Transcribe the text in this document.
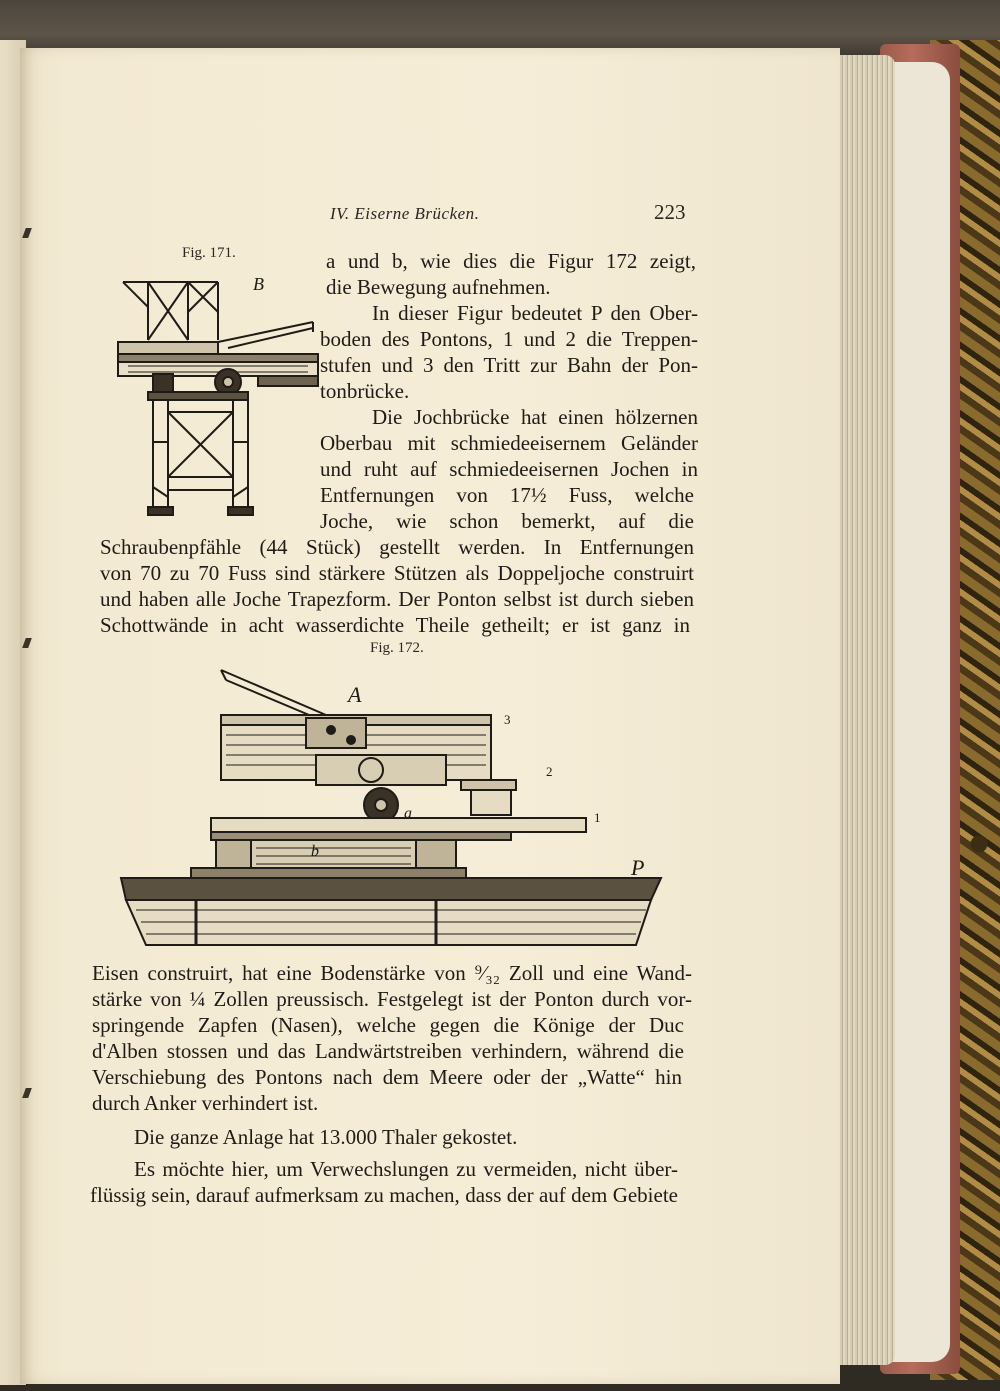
IV. Eiserne Brücken.	223
Fig. 171.
B
a und b, wie dies die Figur 172 zeigt,
die Bewegung aufnehmen.
In dieser Figur bedeutet P den Ober-
boden des Pontons, 1 und 2 die Treppen-
stufen und 3 den Tritt zur Bahn der Pon-
tonbrücke.
Die Jochbrücke hat einen hölzernen
Oberbau mit schmiedeeisernem Geländer
und ruht auf schmiedeeisernen Jochen in
Entfernungen von 17½ Fuss, welche
Joche, wie schon bemerkt, auf die
Schraubenpfähle (44 Stück) gestellt werden. In Entfernungen
von 70 zu 70 Fuss sind stärkere Stützen als Doppeljoche construirt
und haben alle Joche Trapezform. Der Ponton selbst ist durch sieben
Schottwände in acht wasserdichte Theile getheilt; er ist ganz in
Fig. 172.
A
3
2
1
a
b
P
Eisen construirt, hat eine Bodenstärke von ⁹⁄₃₂ Zoll und eine Wand-
stärke von ¼ Zollen preussisch. Festgelegt ist der Ponton durch vor-
springende Zapfen (Nasen), welche gegen die Könige der Duc
d'Alben stossen und das Landwärtstreiben verhindern, während die
Verschiebung des Pontons nach dem Meere oder der „Watte“ hin
durch Anker verhindert ist.
Die ganze Anlage hat 13.000 Thaler gekostet.
Es möchte hier, um Verwechslungen zu vermeiden, nicht über-
flüssig sein, darauf aufmerksam zu machen, dass der auf dem Gebiete
